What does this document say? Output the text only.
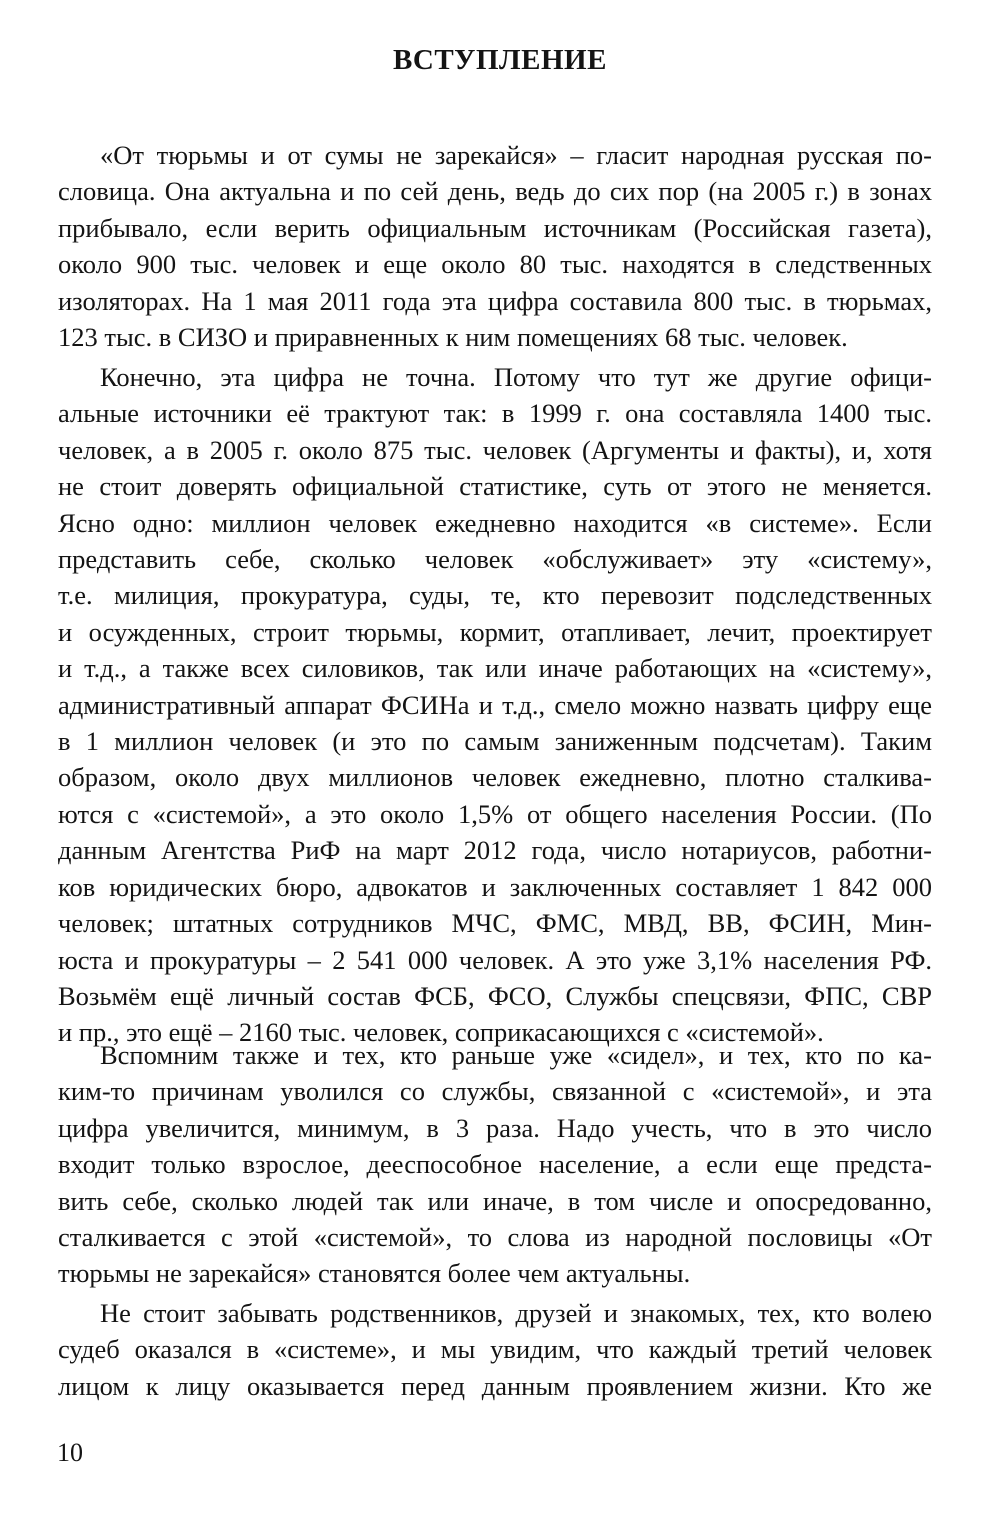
ВСТУПЛЕНИЕ

«От тюрьмы и от сумы не зарекайся» – гласит народная русская по-
словица. Она актуальна и по сей день, ведь до сих пор (на 2005 г.) в зонах
прибывало, если верить официальным источникам (Российская газета),
около 900 тыс. человек и еще около 80 тыс. находятся в следственных
изоляторах. На 1 мая 2011 года эта цифра составила 800 тыс. в тюрьмах,
123 тыс. в СИЗО и приравненных к ним помещениях 68 тыс. человек.

Конечно, эта цифра не точна. Потому что тут же другие офици-
альные источники её трактуют так: в 1999 г. она составляла 1400 тыс.
человек, а в 2005 г. около 875 тыс. человек (Аргументы и факты), и, хотя
не стоит доверять официальной статистике, суть от этого не меняется.
Ясно одно: миллион человек ежедневно находится «в системе». Если
представить себе, сколько человек «обслуживает» эту «систему»,
т.е. милиция, прокуратура, суды, те, кто перевозит подследственных
и осужденных, строит тюрьмы, кормит, отапливает, лечит, проектирует
и т.д., а также всех силовиков, так или иначе работающих на «систему»,
административный аппарат ФСИНа и т.д., смело можно назвать цифру еще
в 1 миллион человек (и это по самым заниженным подсчетам). Таким
образом, около двух миллионов человек ежедневно, плотно сталкива-
ются с «системой», а это около 1,5% от общего населения России. (По
данным Агентства РиФ на март 2012 года, число нотариусов, работни-
ков юридических бюро, адвокатов и заключенных составляет 1 842 000
человек; штатных сотрудников МЧС, ФМС, МВД, ВВ, ФСИН, Мин-
юста и прокуратуры – 2 541 000 человек. А это уже 3,1% населения РФ.
Возьмём ещё личный состав ФСБ, ФСО, Службы спецсвязи, ФПС, СВР
и пр., это ещё – 2160 тыс. человек, соприкасающихся с «системой».

Вспомним также и тех, кто раньше уже «сидел», и тех, кто по ка-
ким-то причинам уволился со службы, связанной с «системой», и эта
цифра увеличится, минимум, в 3 раза. Надо учесть, что в это число
входит только взрослое, дееспособное население, а если еще предста-
вить себе, сколько людей так или иначе, в том числе и опосредованно,
сталкивается с этой «системой», то слова из народной пословицы «От
тюрьмы не зарекайся» становятся более чем актуальны.

Не стоит забывать родственников, друзей и знакомых, тех, кто волею
судеб оказался в «системе», и мы увидим, что каждый третий человек
лицом к лицу оказывается перед данным проявлением жизни. Кто же

10
